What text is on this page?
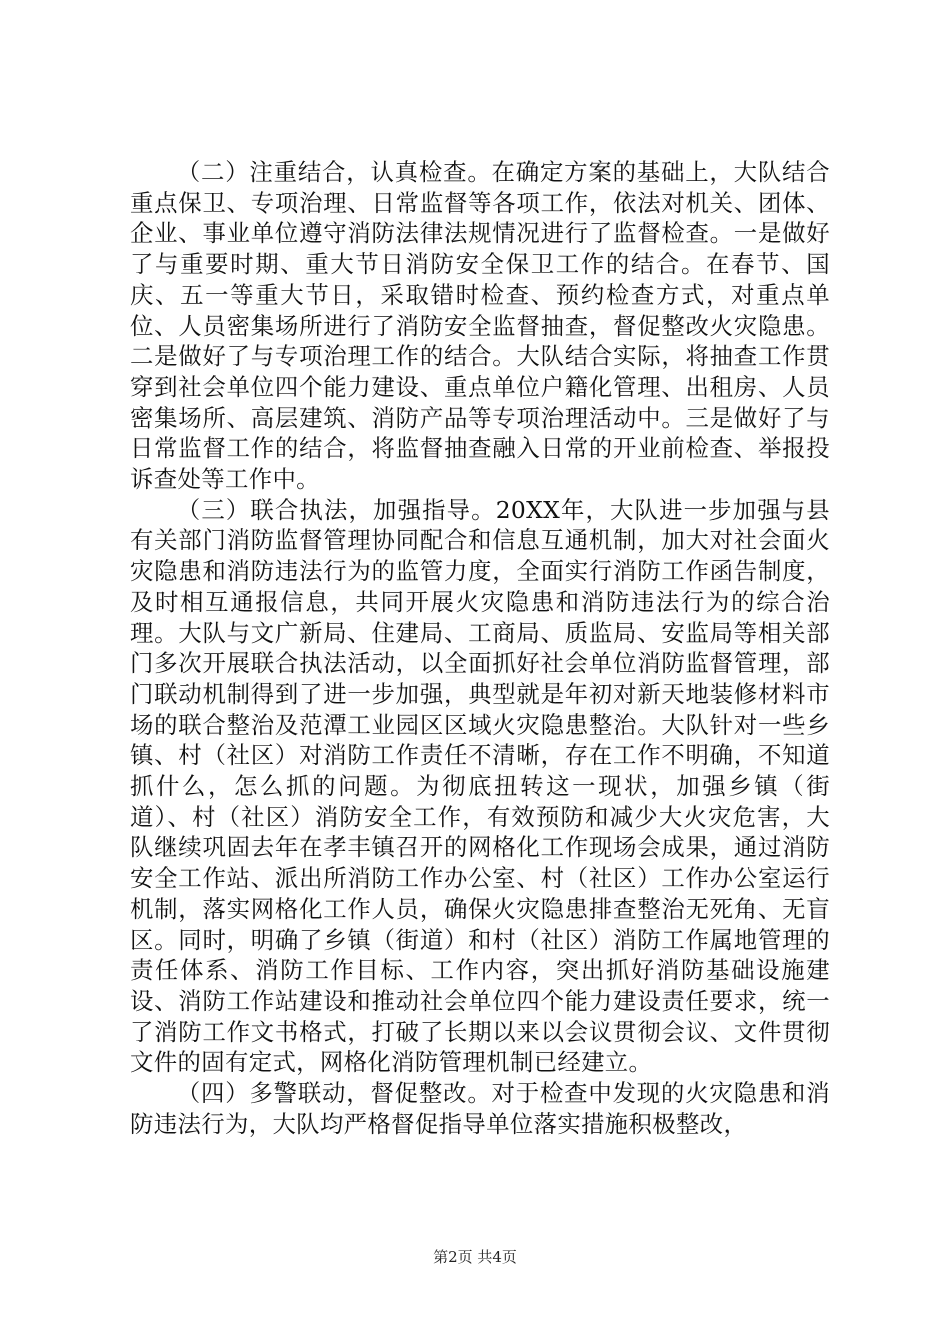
（二）注重结合，认真检查。在确定方案的基础上，大队结合重点保卫、专项治理、日常监督等各项工作，依法对机关、团体、企业、事业单位遵守消防法律法规情况进行了监督检查。一是做好了与重要时期、重大节日消防安全保卫工作的结合。在春节、国庆、五一等重大节日，采取错时检查、预约检查方式，对重点单位、人员密集场所进行了消防安全监督抽查，督促整改火灾隐患。二是做好了与专项治理工作的结合。大队结合实际，将抽查工作贯穿到社会单位四个能力建设、重点单位户籍化管理、出租房、人员密集场所、高层建筑、消防产品等专项治理活动中。三是做好了与日常监督工作的结合，将监督抽查融入日常的开业前检查、举报投诉查处等工作中。

（三）联合执法，加强指导。20XX年，大队进一步加强与县有关部门消防监督管理协同配合和信息互通机制，加大对社会面火灾隐患和消防违法行为的监管力度，全面实行消防工作函告制度，及时相互通报信息，共同开展火灾隐患和消防违法行为的综合治理。大队与文广新局、住建局、工商局、质监局、安监局等相关部门多次开展联合执法活动，以全面抓好社会单位消防监督管理，部门联动机制得到了进一步加强，典型就是年初对新天地装修材料市场的联合整治及范潭工业园区区域火灾隐患整治。大队针对一些乡镇、村（社区）对消防工作责任不清晰，存在工作不明确，不知道抓什么，怎么抓的问题。为彻底扭转这一现状，加强乡镇（街道）、村（社区）消防安全工作，有效预防和减少大火灾危害，大队继续巩固去年在孝丰镇召开的网格化工作现场会成果，通过消防安全工作站、派出所消防工作办公室、村（社区）工作办公室运行机制，落实网格化工作人员，确保火灾隐患排查整治无死角、无盲区。同时，明确了乡镇（街道）和村（社区）消防工作属地管理的责任体系、消防工作目标、工作内容，突出抓好消防基础设施建设、消防工作站建设和推动社会单位四个能力建设责任要求，统一了消防工作文书格式，打破了长期以来以会议贯彻会议、文件贯彻文件的固有定式，网格化消防管理机制已经建立。

（四）多警联动，督促整改。对于检查中发现的火灾隐患和消防违法行为，大队均严格督促指导单位落实措施积极整改，

第2页 共4页
